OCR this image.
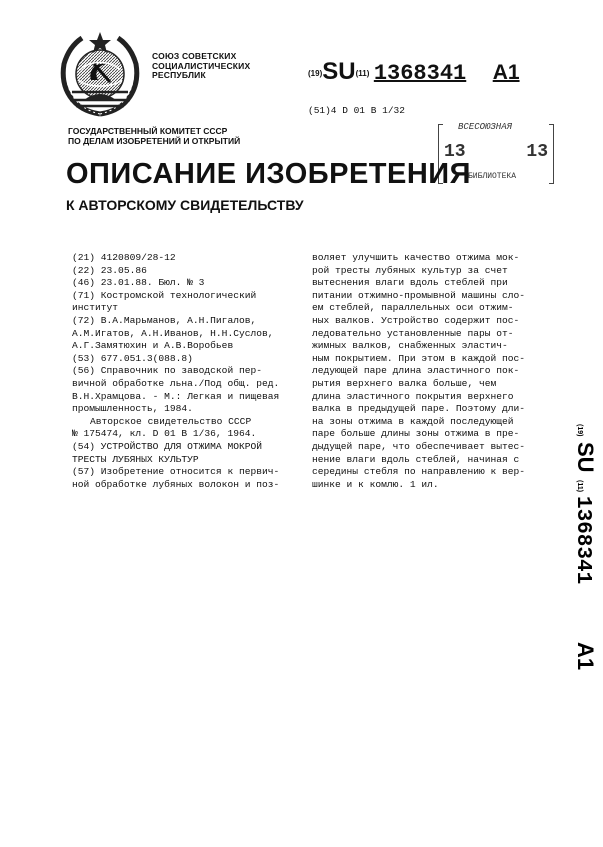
СОЮЗ СОВЕТСКИХ
СОЦИАЛИСТИЧЕСКИХ
РЕСПУБЛИК	(19)SU(11) 1368341 A1
(51)4 D 01 B 1/32
ГОСУДАРСТВЕННЫЙ КОМИТЕТ СССР
ПО ДЕЛАМ ИЗОБРЕТЕНИЙ И ОТКРЫТИЙ
ВСЕСОЮЗНАЯ
13	13
БИБЛИОТЕКА
ОПИСАНИЕ ИЗОБРЕТЕНИЯ
К АВТОРСКОМУ СВИДЕТЕЛЬСТВУ
(21) 4120809/28-12
(22) 23.05.86
(46) 23.01.88. Бюл. № 3
(71) Костромской технологический
институт
(72) В.А.Марьманов, А.Н.Пигалов,
А.М.Игатов, А.Н.Иванов, Н.Н.Суслов,
А.Г.Замятюхин и А.В.Воробьев
(53) 677.051.3(088.8)
(56) Справочник по заводской пер-
вичной обработке льна./Под общ. ред.
В.Н.Храмцова. - М.: Легкая и пищевая
промышленность, 1984.
Авторское свидетельство СССР
№ 175474, кл. D 01 B 1/36, 1964.
(54) УСТРОЙСТВО ДЛЯ ОТЖИМА МОКРОЙ
ТРЕСТЫ ЛУБЯНЫХ КУЛЬТУР
(57) Изобретение относится к первич-
ной обработке лубяных волокон и поз-
воляет улучшить качество отжима мок-
рой тресты лубяных культур за счет
вытеснения влаги вдоль стеблей при
питании отжимно-промывной машины сло-
ем стеблей, параллельных оси отжим-
ных валков. Устройство содержит пос-
ледовательно установленные пары от-
жимных валков, снабженных эластич-
ным покрытием. При этом в каждой пос-
ледующей паре длина эластичного пок-
рытия верхнего валка больше, чем
длина эластичного покрытия верхнего
валка в предыдущей паре. Поэтому дли-
на зоны отжима в каждой последующей
паре больше длины зоны отжима в пре-
дыдущей паре, что обеспечивает вытес-
нение влаги вдоль стеблей, начиная с
середины стебля по направлению к вер-
шинке и к комлю. 1 ил.
(19)
SU
(11)
1368341
A1
